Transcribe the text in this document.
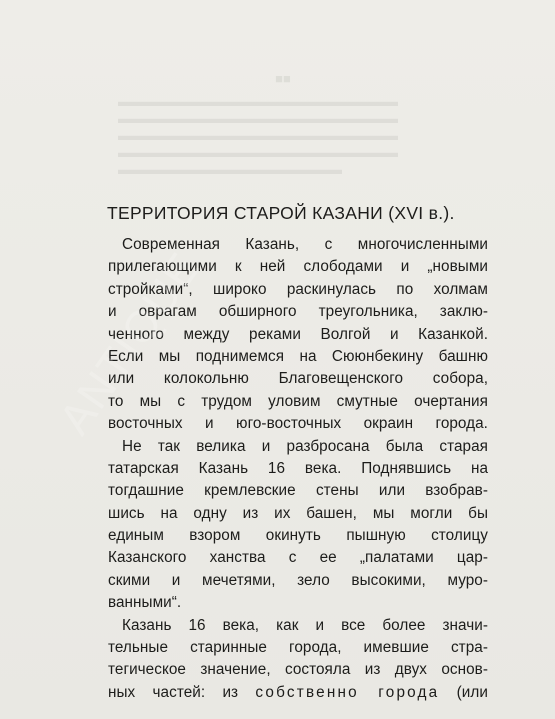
■■
▬▬▬▬▬▬▬▬▬▬▬▬▬▬▬▬▬▬▬▬
▬▬▬▬▬▬▬▬▬▬▬▬▬▬▬▬▬▬▬▬
▬▬▬▬▬▬▬▬▬▬▬▬▬▬▬▬▬▬▬▬
▬▬▬▬▬▬▬▬▬▬▬▬▬▬▬▬▬▬▬▬
▬▬▬▬▬▬▬▬▬▬▬▬▬▬▬▬
ТЕРРИТОРИЯ СТАРОЙ КАЗАНИ (XVI в.).
Современная Казань, с многочисленными
прилегающими к ней слободами и „новыми
стройками“, широко раскинулась по холмам
и оврагам обширного треугольника, заклю-
ченного между реками Волгой и Казанкой.
Если мы поднимемся на Сююнбекину башню
или колокольню Благовещенского собора,
то мы с трудом уловим смутные очертания
восточных и юго-восточных окраин города.
Не так велика и разбросана была старая
татарская Казань 16 века. Поднявшись на
тогдашние кремлевские стены или взобрав-
шись на одну из их башен, мы могли бы
единым взором окинуть пышную столицу
Казанского ханства с ее „палатами цар-
скими и мечетями, зело высокими, муро-
ванными“.
Казань 16 века, как и все более значи-
тельные старинные города, имевшие стра-
тегическое значение, состояла из двух основ-
ных частей: из собственно города (или
ANTIQUE
